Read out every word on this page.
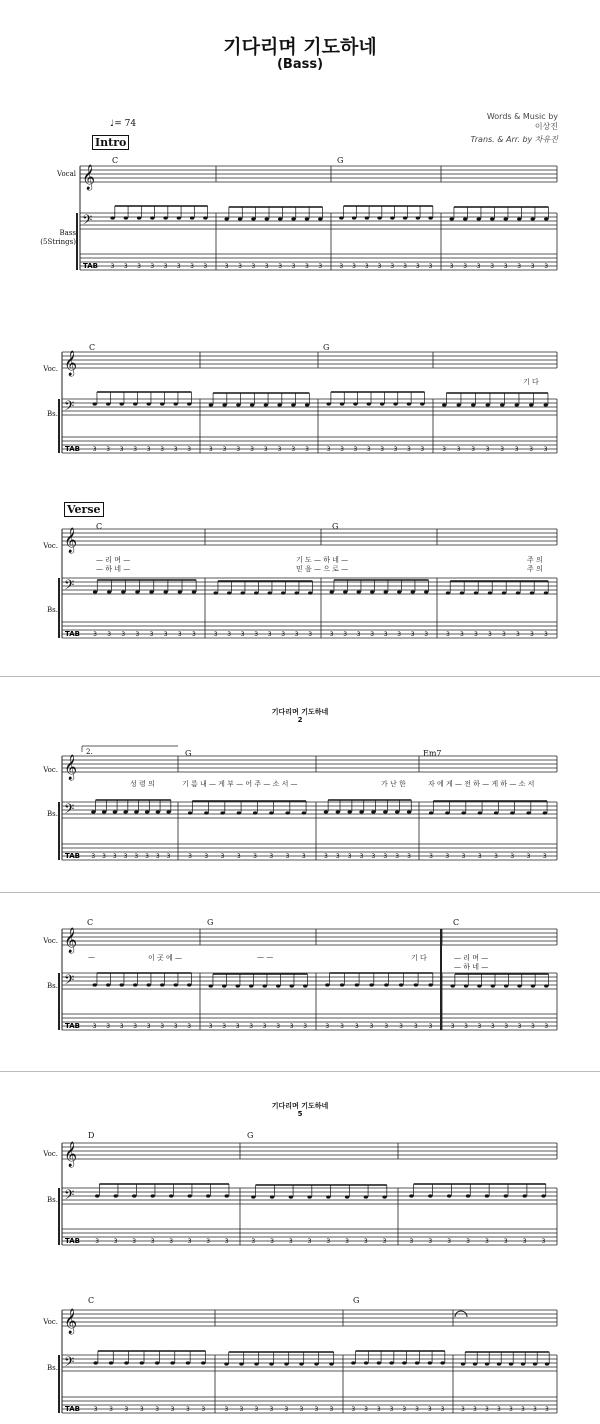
기다리며 기도하네
(Bass)
Words & Music by
이상진
Trans. & Arr. by 차유진
♩= 74
Intro
Vocal
Bass
(5Strings)
Voc.
Bs.
Voc.
Bs.
Voc.
Bs.
Voc.
Bs.
Voc.
Bs.
Voc.
Bs.
C	G
C	G
기 다
Verse
C	G
— 리 며 —	기 도 — 하 네 —	주 의
— 하 네 —	믿 음 — 으 로 —	주 의
기다리며 기도하네
2
2.	G	Em7
성 령 의	기 름 내 — 게 부 — 어 주 — 소 서 —	가 난 한	자 에 게 — 전 하 — 게 하 — 소 서
C	G	C
—	이 곳 에 —	— —	기 다	— 리 며 —
— 하 네 —
기다리며 기도하네
5
D	G
C	G
𝄞
𝄢
TAB 3 3 3 3 3 3 3 3	3 3 3 3 3 3 3 3	3 3 3 3 3 3 3 3	3 3 3 3 3 3 3 3
𝄞
𝄢
TAB 3 3 3 3 3 3 3 3	3 3 3 3 3 3 3 3	3 3 3 3 3 3 3 3	3 3 3 3 3 3 3 3
𝄞
𝄢
TAB 3 3 3 3 3 3 3 3	3 3 3 3 3 3 3 3	3 3 3 3 3 3 3 3	3 3 3 3 3 3 3 3
𝄞
𝄢
TAB 3 3 3 3 3 3 3 3	3 3 3 3 3 3 3 3	3 3 3 3 3 3 3 3	3 3 3 3 3 3 3 3
𝄞
𝄢
TAB 3 3 3 3 3 3 3 3	3 3 3 3 3 3 3 3	3 3 3 3 3 3 3 3	3 3 3 3 3 3 3 3
𝄞
𝄢
TAB	3 3 3 3 3 3 3 3	3 3 3 3 3 3 3 3	3	3	3	3	3	3	3	3
𝄞
𝄢
TAB 3 3 3 3 3 3 3 3	3 3 3 3 3 3 3 3	3 3 3 3 3 3 3 3	3 3 3 3 3 3 3 3
